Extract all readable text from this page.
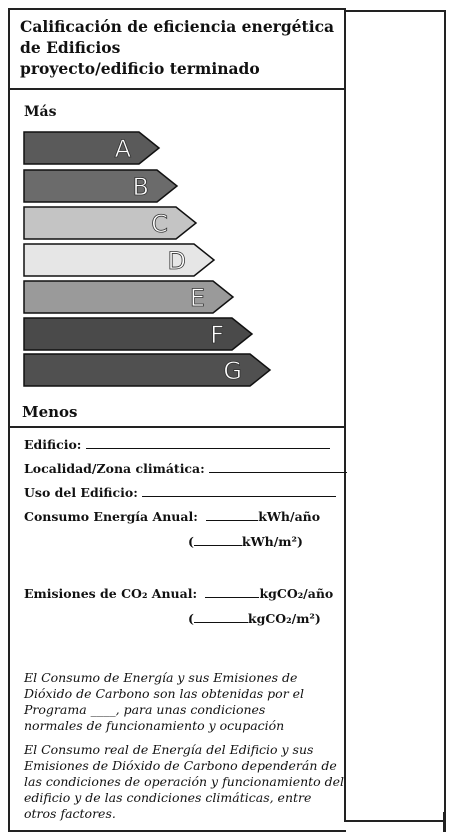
Calificación de eficiencia energética
de Edificios
proyecto/edificio terminado
Más
A
B
C
D
E
F
G
Menos
Edificio:
Localidad/Zona climática:
Uso del Edificio:
Consumo Energía Anual:	kWh/año
(	kWh/m²)
Emisiones de CO₂ Anual:	kgCO₂/año
(	kgCO₂/m²)
El Consumo de Energía y sus Emisiones de
Dióxido de Carbono son las obtenidas por el
Programa ____, para unas condiciones
normales de funcionamiento y ocupación
El Consumo real de Energía del Edificio y sus
Emisiones de Dióxido de Carbono dependerán de
las condiciones de operación y funcionamiento del
edificio y de las condiciones climáticas, entre
otros factores.
